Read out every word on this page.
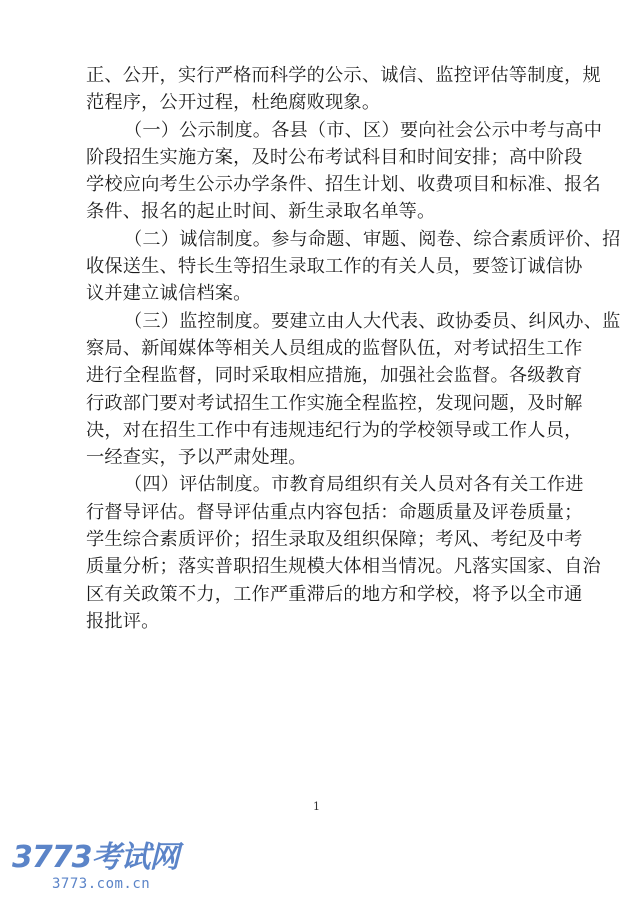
正、公开，实行严格而科学的公示、诚信、监控评估等制度，规
范程序，公开过程，杜绝腐败现象。
（一）公示制度。各县（市、区）要向社会公示中考与高中
阶段招生实施方案，及时公布考试科目和时间安排；高中阶段
学校应向考生公示办学条件、招生计划、收费项目和标准、报名
条件、报名的起止时间、新生录取名单等。
（二）诚信制度。参与命题、审题、阅卷、综合素质评价、招
收保送生、特长生等招生录取工作的有关人员，要签订诚信协
议并建立诚信档案。
（三）监控制度。要建立由人大代表、政协委员、纠风办、监
察局、新闻媒体等相关人员组成的监督队伍，对考试招生工作
进行全程监督，同时采取相应措施，加强社会监督。各级教育
行政部门要对考试招生工作实施全程监控，发现问题，及时解
决，对在招生工作中有违规违纪行为的学校领导或工作人员，
一经查实，予以严肃处理。
（四）评估制度。市教育局组织有关人员对各有关工作进
行督导评估。督导评估重点内容包括：命题质量及评卷质量；
学生综合素质评价；招生录取及组织保障；考风、考纪及中考
质量分析；落实普职招生规模大体相当情况。凡落实国家、自治
区有关政策不力，工作严重滞后的地方和学校，将予以全市通
报批评。
1
3773考试网
3773.com.cn
